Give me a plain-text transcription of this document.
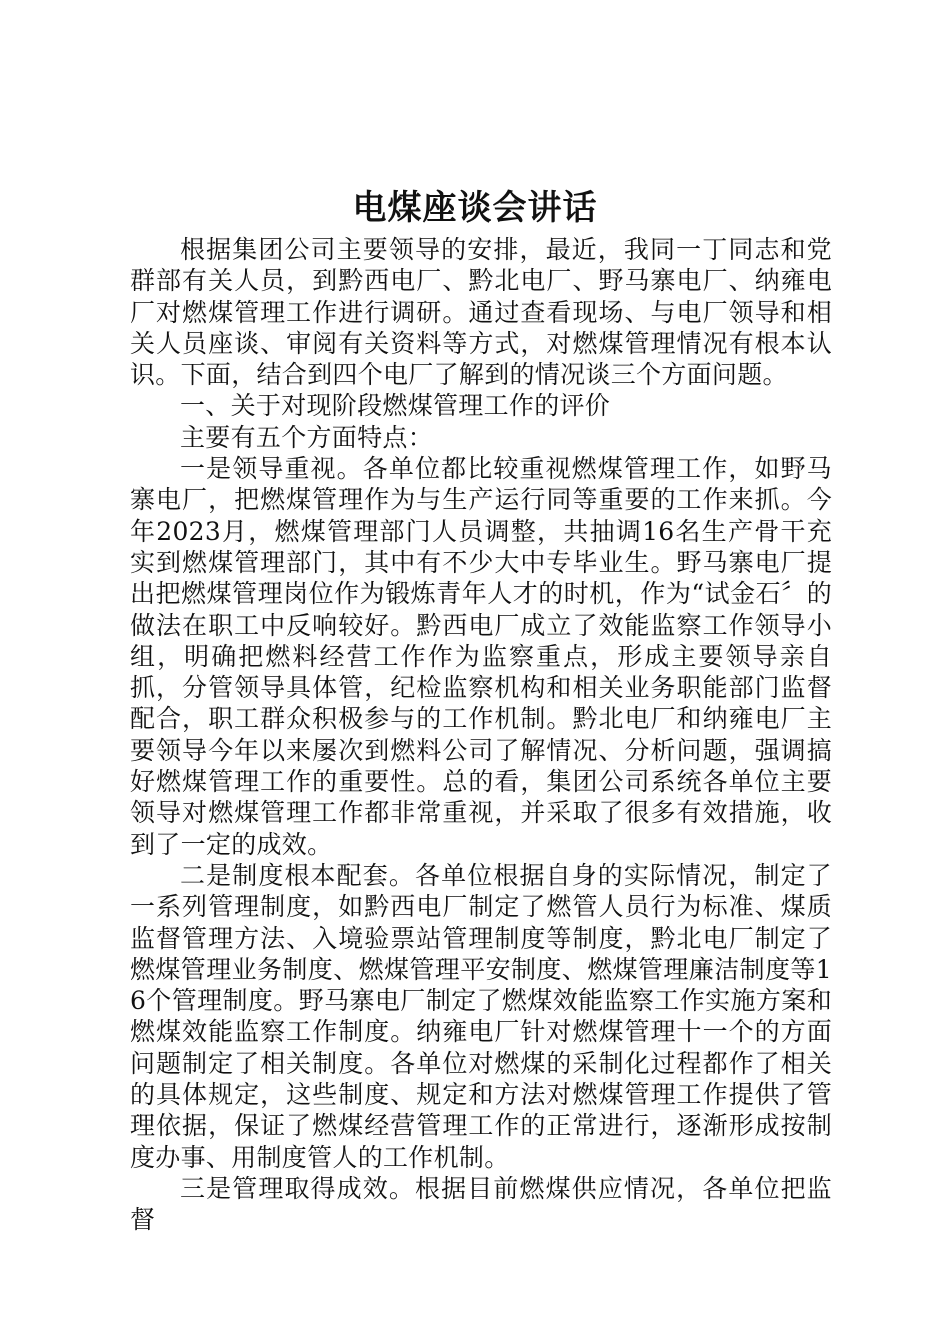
电煤座谈会讲话

根据集团公司主要领导的安排，最近，我同一丁同志和党群部有关人员，到黔西电厂、黔北电厂、野马寨电厂、纳雍电厂对燃煤管理工作进行调研。通过查看现场、与电厂领导和相关人员座谈、审阅有关资料等方式，对燃煤管理情况有根本认识。下面，结合到四个电厂了解到的情况谈三个方面问题。

一、关于对现阶段燃煤管理工作的评价

主要有五个方面特点：

一是领导重视。各单位都比较重视燃煤管理工作，如野马寨电厂，把燃煤管理作为与生产运行同等重要的工作来抓。今年2023月，燃煤管理部门人员调整，共抽调16名生产骨干充实到燃煤管理部门，其中有不少大中专毕业生。野马寨电厂提出把燃煤管理岗位作为锻炼青年人才的时机，作为“试金石〞的做法在职工中反响较好。黔西电厂成立了效能监察工作领导小组，明确把燃料经营工作作为监察重点，形成主要领导亲自抓，分管领导具体管，纪检监察机构和相关业务职能部门监督配合，职工群众积极参与的工作机制。黔北电厂和纳雍电厂主要领导今年以来屡次到燃料公司了解情况、分析问题，强调搞好燃煤管理工作的重要性。总的看，集团公司系统各单位主要领导对燃煤管理工作都非常重视，并采取了很多有效措施，收到了一定的成效。

二是制度根本配套。各单位根据自身的实际情况，制定了一系列管理制度，如黔西电厂制定了燃管人员行为标准、煤质监督管理方法、入境验票站管理制度等制度，黔北电厂制定了燃煤管理业务制度、燃煤管理平安制度、燃煤管理廉洁制度等16个管理制度。野马寨电厂制定了燃煤效能监察工作实施方案和燃煤效能监察工作制度。纳雍电厂针对燃煤管理十一个的方面问题制定了相关制度。各单位对燃煤的采制化过程都作了相关的具体规定，这些制度、规定和方法对燃煤管理工作提供了管理依据，保证了燃煤经营管理工作的正常进行，逐渐形成按制度办事、用制度管人的工作机制。

三是管理取得成效。根据目前燃煤供应情况，各单位把监督
